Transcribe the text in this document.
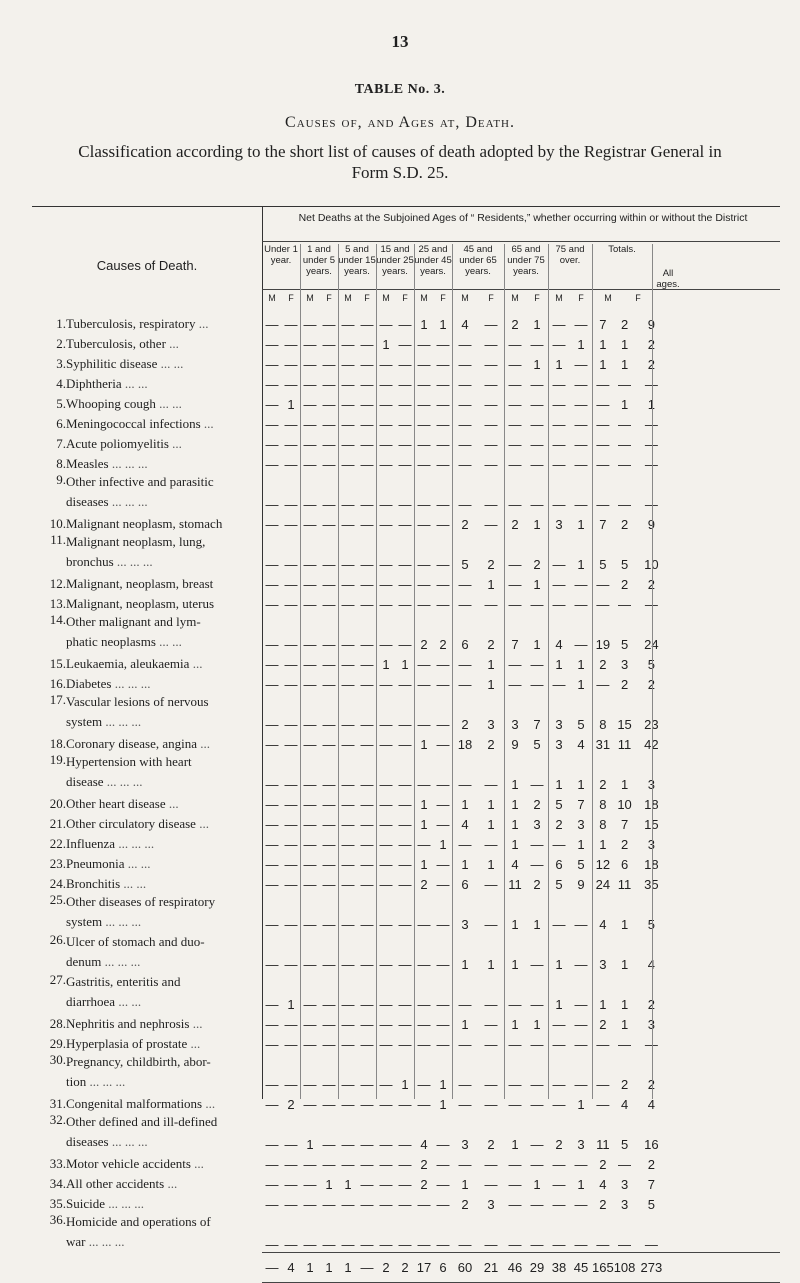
13
TABLE No. 3.
Causes of, and Ages at, Death.
Classification according to the short list of causes of death adopted by the Registrar General in Form S.D. 25.
Net Deaths at the Subjoined Ages of “ Residents,” whether occurring within or without the District
Causes of Death.
1.	Tuberculosis, respiratory ...	—	—	—	—	—	—	—	—	1	1	4	—	2	1	—	—	7	2	9
2.	Tuberculosis, other ...	—	—	—	—	—	—	1	—	—	—	—	—	—	—	—	1	1	1	2
3.	Syphilitic disease ... ...	—	—	—	—	—	—	—	—	—	—	—	—	—	1	1	—	1	1	2
4.	Diphtheria ... ...	—	—	—	—	—	—	—	—	—	—	—	—	—	—	—	—	—	—	—
5.	Whooping cough ... ...	—	1	—	—	—	—	—	—	—	—	—	—	—	—	—	—	—	1	1
6.	Meningococcal infections ...	—	—	—	—	—	—	—	—	—	—	—	—	—	—	—	—	—	—	—
7.	Acute poliomyelitis ...	—	—	—	—	—	—	—	—	—	—	—	—	—	—	—	—	—	—	—
8.	Measles ... ... ...	—	—	—	—	—	—	—	—	—	—	—	—	—	—	—	—	—	—	—
9.	Other infective and parasitic
diseases ... ... ...	—	—	—	—	—	—	—	—	—	—	—	—	—	—	—	—	—	—	—
10.	Malignant neoplasm, stomach	—	—	—	—	—	—	—	—	—	—	2	—	2	1	3	1	7	2	9
11.	Malignant neoplasm, lung,
bronchus ... ... ...	—	—	—	—	—	—	—	—	—	—	5	2	—	2	—	1	5	5	10
12.	Malignant, neoplasm, breast	—	—	—	—	—	—	—	—	—	—	—	1	—	1	—	—	—	2	2
13.	Malignant, neoplasm, uterus	—	—	—	—	—	—	—	—	—	—	—	—	—	—	—	—	—	—	—
14.	Other malignant and lym-
phatic neoplasms ... ...	—	—	—	—	—	—	—	—	2	2	6	2	7	1	4	—	19	5	24
15.	Leukaemia, aleukaemia ...	—	—	—	—	—	—	1	1	—	—	—	1	—	—	1	1	2	3	5
16.	Diabetes ... ... ...	—	—	—	—	—	—	—	—	—	—	—	1	—	—	—	1	—	2	2
17.	Vascular lesions of nervous
system ... ... ...	—	—	—	—	—	—	—	—	—	—	2	3	3	7	3	5	8	15	23
18.	Coronary disease, angina ...	—	—	—	—	—	—	—	—	1	—	18	2	9	5	3	4	31	11	42
19.	Hypertension with heart
disease ... ... ...	—	—	—	—	—	—	—	—	—	—	—	—	1	—	1	1	2	1	3
20.	Other heart disease ...	—	—	—	—	—	—	—	—	1	—	1	1	1	2	5	7	8	10	18
21.	Other circulatory disease ...	—	—	—	—	—	—	—	—	1	—	4	1	1	3	2	3	8	7	15
22.	Influenza ... ... ...	—	—	—	—	—	—	—	—	—	1	—	—	1	—	—	1	1	2	3
23.	Pneumonia ... ...	—	—	—	—	—	—	—	—	1	—	1	1	4	—	6	5	12	6	18
24.	Bronchitis ... ...	—	—	—	—	—	—	—	—	2	—	6	—	11	2	5	9	24	11	35
25.	Other diseases of respiratory
system ... ... ...	—	—	—	—	—	—	—	—	—	—	3	—	1	1	—	—	4	1	5
26.	Ulcer of stomach and duo-
denum ... ... ...	—	—	—	—	—	—	—	—	—	—	1	1	1	—	1	—	3	1	4
27.	Gastritis, enteritis and
diarrhoea ... ...	—	1	—	—	—	—	—	—	—	—	—	—	—	—	1	—	1	1	2
28.	Nephritis and nephrosis ...	—	—	—	—	—	—	—	—	—	—	1	—	1	1	—	—	2	1	3
29.	Hyperplasia of prostate ...	—	—	—	—	—	—	—	—	—	—	—	—	—	—	—	—	—	—	—
30.	Pregnancy, childbirth, abor-
tion ... ... ...	—	—	—	—	—	—	—	1	—	1	—	—	—	—	—	—	—	2	2
31.	Congenital malformations ...	—	2	—	—	—	—	—	—	—	1	—	—	—	—	—	1	—	4	4
32.	Other defined and ill-defined
diseases ... ... ...	—	—	1	—	—	—	—	—	4	—	3	2	1	—	2	3	11	5	16
33.	Motor vehicle accidents ...	—	—	—	—	—	—	—	—	2	—	—	—	—	—	—	—	2	—	2
34.	All other accidents ...	—	—	—	1	1	—	—	—	2	—	1	—	—	1	—	1	4	3	7
35.	Suicide ... ... ...	—	—	—	—	—	—	—	—	—	—	2	3	—	—	—	—	2	3	5
36.	Homicide and operations of
war ... ... ...	—	—	—	—	—	—	—	—	—	—	—	—	—	—	—	—	—	—	—
		—	4	1	1	1	—	2	2	17	6	60	21	46	29	38	45	165	108	273
Under 1 year.
M	F
1 and under 5 years.
M	F
5 and under 15 years.
M	F
15 and under 25 years.
M	F
25 and under 45 years.
M	F
45 and under 65 years.
M	F
65 and under 75 years.
M	F
75 and over.
M	F
Totals.
M	F
All ages.
